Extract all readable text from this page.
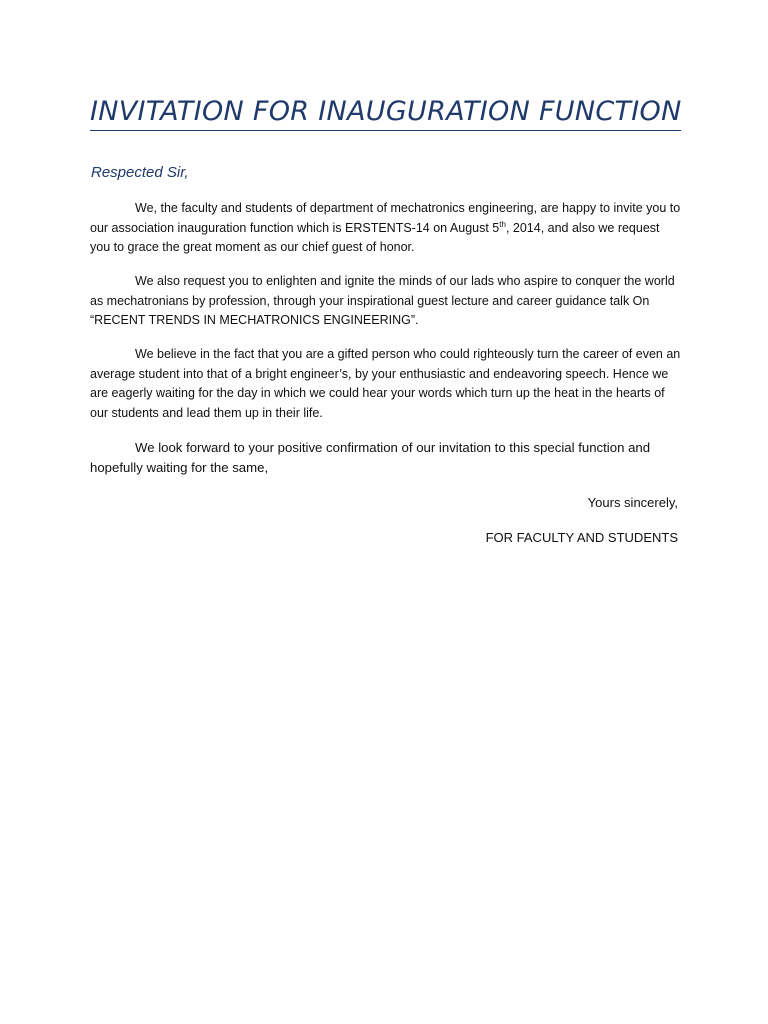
INVITATION FOR INAUGURATION FUNCTION
Respected Sir,

We, the faculty and students of department of mechatronics engineering, are happy to invite you to our association inauguration function which is ERSTENTS-14 on August 5th, 2014, and also we request you to grace the great moment as our chief guest of honor.

We also request you to enlighten and ignite the minds of our lads who aspire to conquer the world as mechatronians by profession, through your inspirational guest lecture and career guidance talk On “RECENT TRENDS IN MECHATRONICS ENGINEERING”.

We believe in the fact that you are a gifted person who could righteously turn the career of even an average student into that of a bright engineer’s, by your enthusiastic and endeavoring speech. Hence we are eagerly waiting for the day in which we could hear your words which turn up the heat in the hearts of our students and lead them up in their life.

We look forward to your positive confirmation of our invitation to this special function and hopefully waiting for the same,

Yours sincerely,
FOR FACULTY AND STUDENTS
